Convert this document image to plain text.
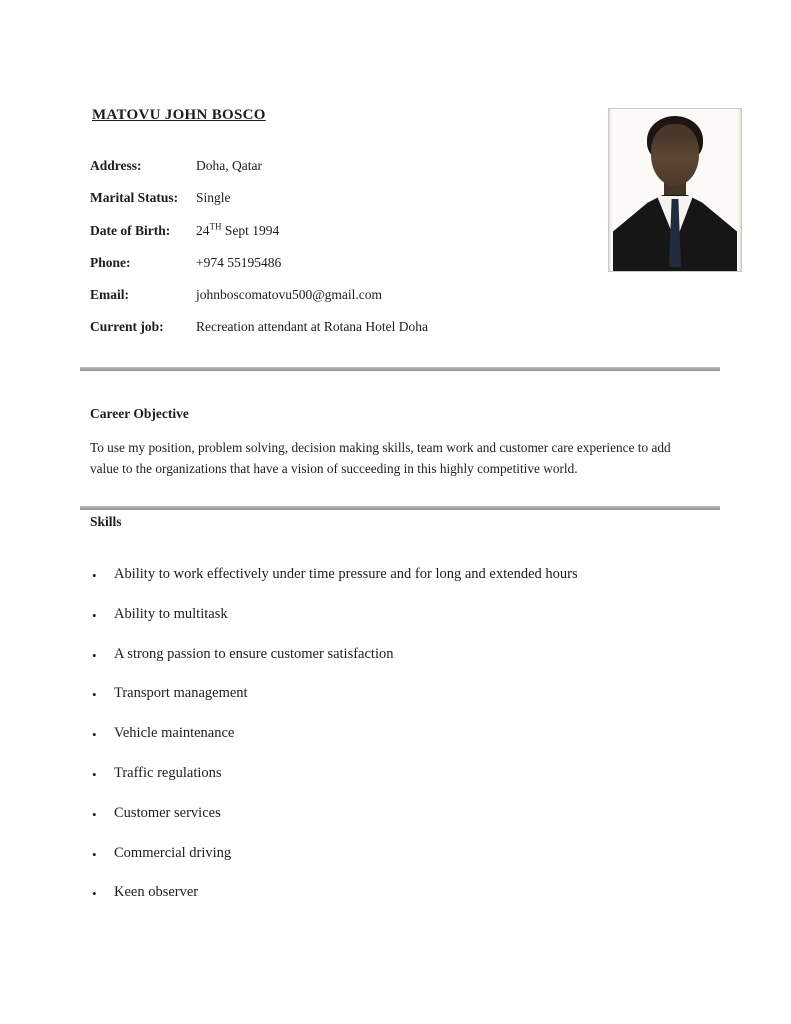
MATOVU JOHN BOSCO
Address:	Doha, Qatar
Marital Status:	Single
Date of Birth:	24TH Sept 1994
Phone:	+974 55195486
Email:	johnboscomatovu500@gmail.com
Current job:	Recreation attendant at Rotana Hotel Doha
Career Objective

To use my position, problem solving, decision making skills, team work and customer care experience to add value to the organizations that have a vision of succeeding in this highly competitive world.

Skills
•	Ability to work effectively under time pressure and for long and extended hours
•	Ability to multitask
•	A strong passion to ensure customer satisfaction
•	Transport management
•	Vehicle maintenance
•	Traffic regulations
•	Customer services
•	Commercial driving
•	Keen observer
